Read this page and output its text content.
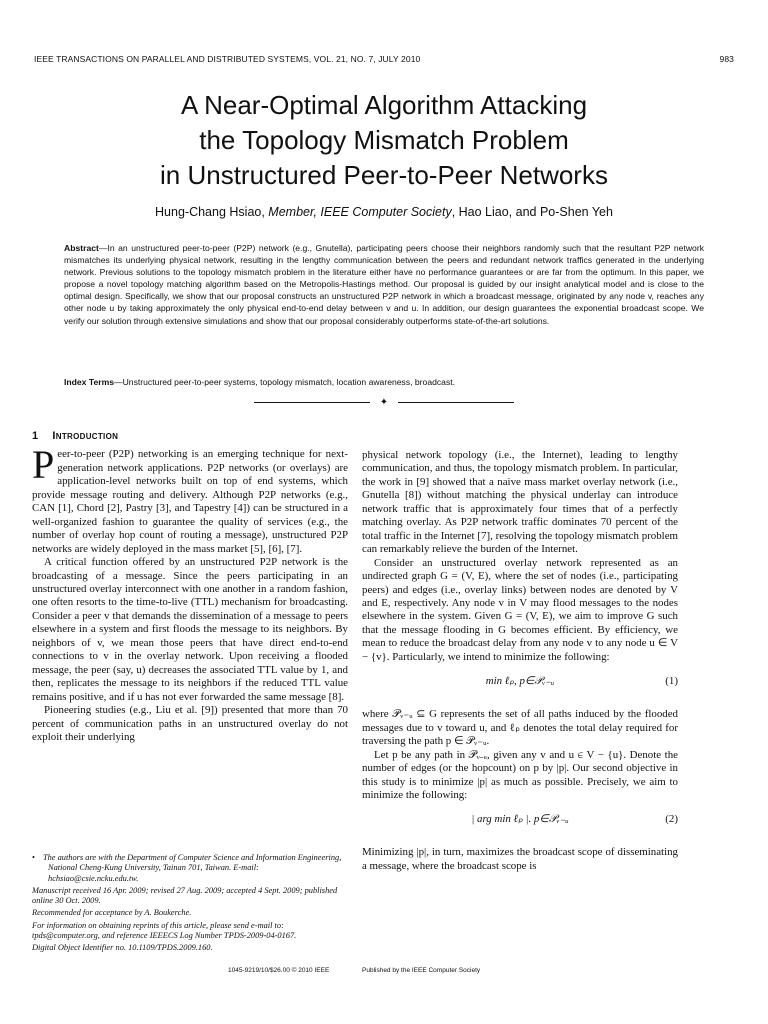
IEEE TRANSACTIONS ON PARALLEL AND DISTRIBUTED SYSTEMS, VOL. 21, NO. 7, JULY 2010	983
A Near-Optimal Algorithm Attacking
the Topology Mismatch Problem
in Unstructured Peer-to-Peer Networks
Hung-Chang Hsiao, Member, IEEE Computer Society, Hao Liao, and Po-Shen Yeh
Abstract—In an unstructured peer-to-peer (P2P) network (e.g., Gnutella), participating peers choose their neighbors randomly such that the resultant P2P network mismatches its underlying physical network, resulting in the lengthy communication between the peers and redundant network traffics generated in the underlying network. Previous solutions to the topology mismatch problem in the literature either have no performance guarantees or are far from the optimum. In this paper, we propose a novel topology matching algorithm based on the Metropolis-Hastings method. Our proposal is guided by our insight analytical model and is close to the optimal design. Specifically, we show that our proposal constructs an unstructured P2P network in which a broadcast message, originated by any node v, reaches any other node u by taking approximately the only physical end-to-end delay between v and u. In addition, our design guarantees the exponential broadcast scope. We verify our solution through extensive simulations and show that our proposal considerably outperforms state-of-the-art solutions.
Index Terms—Unstructured peer-to-peer systems, topology mismatch, location awareness, broadcast.
✦
1 Introduction

Peer-to-peer (P2P) networking is an emerging technique for next-generation network applications. P2P networks (or overlays) are application-level networks built on top of end systems, which provide message routing and delivery. Although P2P networks (e.g., CAN [1], Chord [2], Pastry [3], and Tapestry [4]) can be structured in a well-organized fashion to guarantee the quality of services (e.g., the number of overlay hop count of routing a message), unstructured P2P networks are widely deployed in the mass market [5], [6], [7].

A critical function offered by an unstructured P2P network is the broadcasting of a message. Since the peers participating in an unstructured overlay interconnect with one another in a random fashion, one often resorts to the time-to-live (TTL) mechanism for broadcasting. Consider a peer v that demands the dissemination of a message to peers elsewhere in a system and first floods the message to its neighbors. By neighbors of v, we mean those peers that have direct end-to-end connections to v in the overlay network. Upon receiving a flooded message, the peer (say, u) decreases the associated TTL value by 1, and then, replicates the message to its neighbors if the reduced TTL value remains positive, and if u has not ever forwarded the same message [8].

Pioneering studies (e.g., Liu et al. [9]) presented that more than 70 percent of communication paths in an unstructured overlay do not exploit their underlying

physical network topology (i.e., the Internet), leading to lengthy communication, and thus, the topology mismatch problem. In particular, the work in [9] showed that a naive mass market overlay network (i.e., Gnutella [8]) without matching the physical underlay can introduce network traffic that is approximately four times that of a perfectly matching overlay. As P2P network traffic dominates 70 percent of the total traffic in the Internet [7], resolving the topology mismatch problem can remarkably relieve the burden of the Internet.

Consider an unstructured overlay network represented as an undirected graph G = (V, E), where the set of nodes (i.e., participating peers) and edges (i.e., overlay links) between nodes are denoted by V and E, respectively. Any node v in V may flood messages to the nodes elsewhere in the system. Given G = (V, E), we aim to improve G such that the message flooding in G becomes efficient. By efficiency, we mean to reduce the broadcast delay from any node v to any node u ∈ V − {v}. Particularly, we intend to minimize the following:

min ℓₚ, p∈𝒫ᵥ₋ᵤ	(1)

where 𝒫ᵥ₋ᵤ ⊆ G represents the set of all paths induced by the flooded messages due to v toward u, and ℓₚ denotes the total delay required for traversing the path p ∈ 𝒫ᵥ₋ᵤ.

Let p be any path in 𝒫ᵥ₋ᵤ, given any v and u ∈ V − {u}. Denote the number of edges (or the hopcount) on p by |p|. Our second objective in this study is to minimize |p| as much as possible. Precisely, we aim to minimize the following:

| arg min ℓₚ |. p∈𝒫ᵥ₋ᵤ	(2)

Minimizing |p|, in turn, maximizes the broadcast scope of disseminating a message, where the broadcast scope is

• The authors are with the Department of Computer Science and Information Engineering, National Cheng-Kung University, Tainan 701, Taiwan. E-mail: hchsiao@csie.ncku.edu.tw.
Manuscript received 16 Apr. 2009; revised 27 Aug. 2009; accepted 4 Sept. 2009; published online 30 Oct. 2009.
Recommended for acceptance by A. Boukerche.
For information on obtaining reprints of this article, please send e-mail to: tpds@computer.org, and reference IEEECS Log Number TPDS-2009-04-0167.
Digital Object Identifier no. 10.1109/TPDS.2009.160.
1045-9219/10/$26.00 © 2010 IEEE	Published by the IEEE Computer Society
